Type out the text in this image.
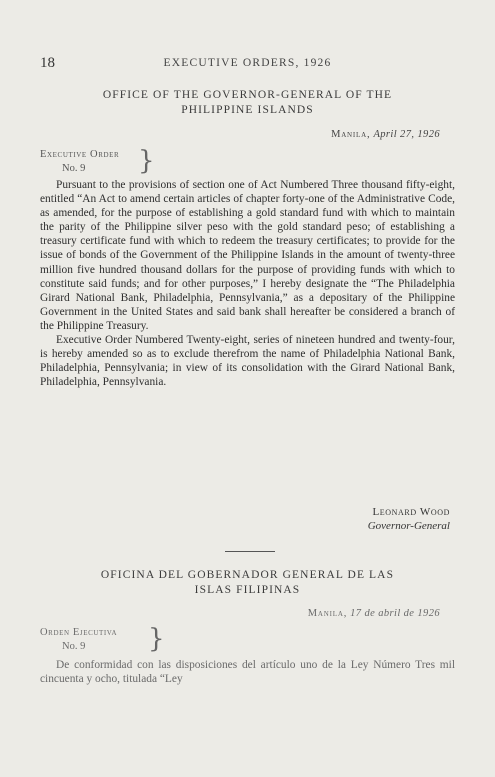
18	EXECUTIVE ORDERS, 1926
OFFICE OF THE GOVERNOR-GENERAL OF THE
PHILIPPINE ISLANDS
Manila, April 27, 1926
Executive Order
No. 9	}

Pursuant to the provisions of section one of Act Numbered Three thousand fifty-eight, entitled “An Act to amend certain articles of chapter forty-one of the Administrative Code, as amended, for the purpose of establishing a gold standard fund with which to maintain the parity of the Philippine silver peso with the gold standard peso; of establishing a treasury certificate fund with which to redeem the treasury certificates; to provide for the issue of bonds of the Government of the Philippine Islands in the amount of twenty-three million five hundred thousand dollars for the purpose of providing funds with which to constitute said funds; and for other purposes,” I hereby designate the “The Philadelphia Girard National Bank, Philadelphia, Pennsylvania,” as a depositary of the Philippine Government in the United States and said bank shall hereafter be considered a branch of the Philippine Treasury.

Executive Order Numbered Twenty-eight, series of nineteen hundred and twenty-four, is hereby amended so as to exclude therefrom the name of Philadelphia National Bank, Philadelphia, Pennsylvania; in view of its consolidation with the Girard National Bank, Philadelphia, Pennsylvania.

Leonard Wood
Governor-General
OFICINA DEL GOBERNADOR GENERAL DE LAS
ISLAS FILIPINAS
Manila, 17 de abril de 1926
Orden Ejecutiva
No. 9	}

De conformidad con las disposiciones del artículo uno de la Ley Número Tres mil cincuenta y ocho, titulada “Ley
